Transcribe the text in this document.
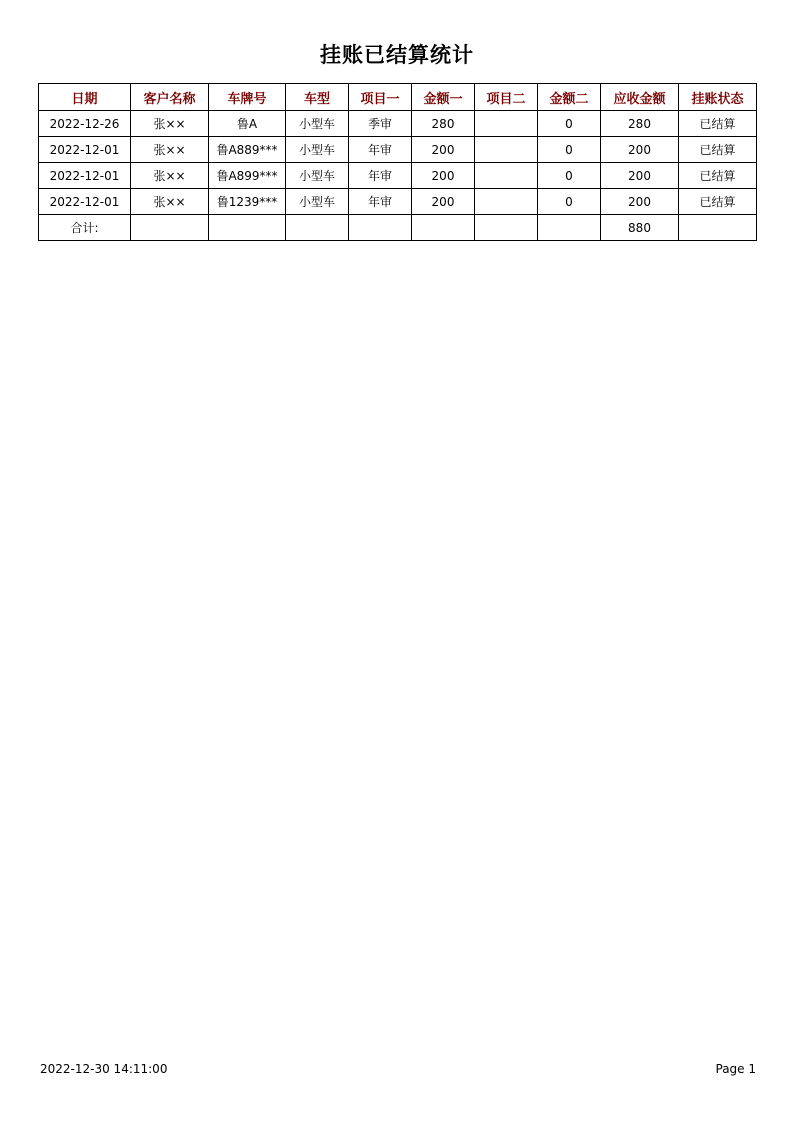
挂账已结算统计
日期	客户名称	车牌号	车型	项目一	金额一	项目二	金额二	应收金额	挂账状态
2022-12-26	张××	鲁A	小型车	季审	280		0	280	已结算
2022-12-01	张××	鲁A889***	小型车	年审	200		0	200	已结算
2022-12-01	张××	鲁A899***	小型车	年审	200		0	200	已结算
2022-12-01	张××	鲁1239***	小型车	年审	200		0	200	已结算
合计:								880	
2022-12-30 14:11:00	Page 1
